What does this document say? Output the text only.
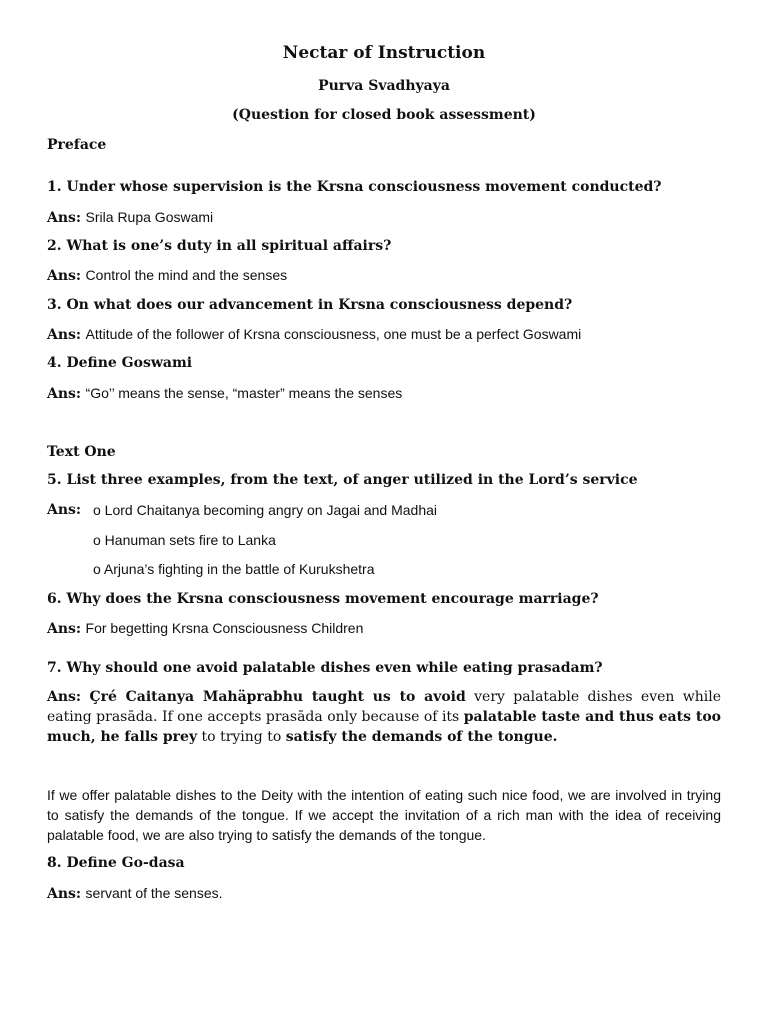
Nectar of Instruction
Purva Svadhyaya
(Question for closed book assessment)
Preface
1. Under whose supervision is the Krsna consciousness movement conducted?
Ans: Srila Rupa Goswami
2. What is one’s duty in all spiritual affairs?
Ans: Control the mind and the senses
3. On what does our advancement in Krsna consciousness depend?
Ans: Attitude of the follower of Krsna consciousness, one must be a perfect Goswami
4. Define Goswami
Ans: “Go’’ means the sense, “master” means the senses
Text One
5. List three examples, from the text, of anger utilized in the Lord’s service
Ans: o Lord Chaitanya becoming angry on Jagai and Madhai
o Hanuman sets fire to Lanka
o Arjuna’s fighting in the battle of Kurukshetra
6. Why does the Krsna consciousness movement encourage marriage?
Ans: For begetting Krsna Consciousness Children
7. Why should one avoid palatable dishes even while eating prasadam?
Ans: Çré Caitanya Mahäprabhu taught us to avoid very palatable dishes even while eating prasāda. If one accepts prasāda only because of its palatable taste and thus eats too much, he falls prey to trying to satisfy the demands of the tongue.
If we offer palatable dishes to the Deity with the intention of eating such nice food, we are involved in trying to satisfy the demands of the tongue. If we accept the invitation of a rich man with the idea of receiving palatable food, we are also trying to satisfy the demands of the tongue.
8. Define Go-dasa
Ans: servant of the senses.
